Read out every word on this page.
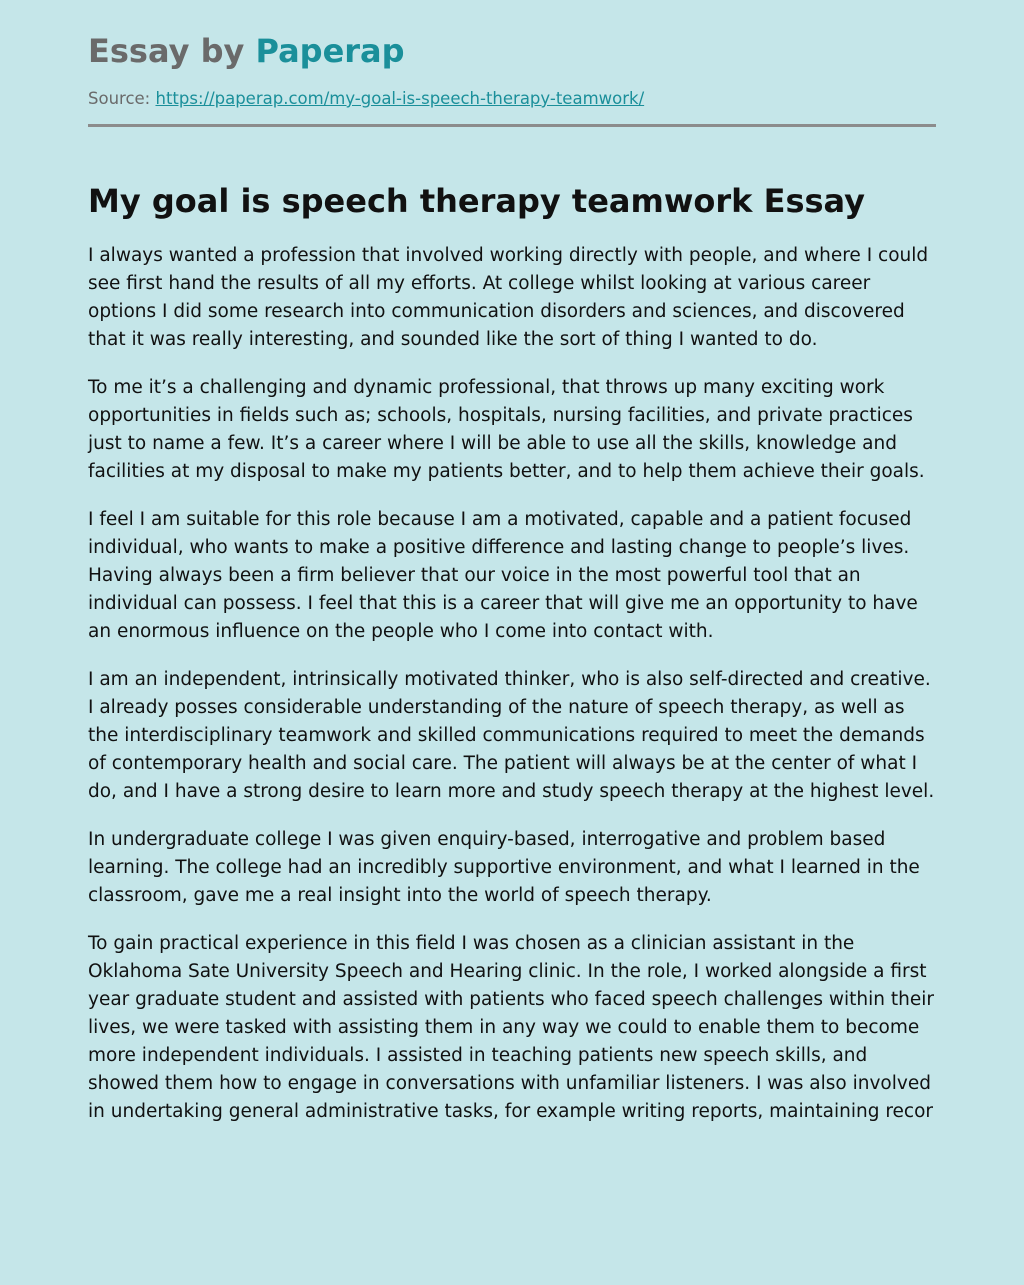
Essay by Paperap
Source: https://paperap.com/my-goal-is-speech-therapy-teamwork/
My goal is speech therapy teamwork Essay

I always wanted a profession that involved working directly with people, and where I could see first hand the results of all my efforts. At college whilst looking at various career options I did some research into communication disorders and sciences, and discovered that it was really interesting, and sounded like the sort of thing I wanted to do.

To me it’s a challenging and dynamic professional, that throws up many exciting work opportunities in fields such as; schools, hospitals, nursing facilities, and private practices just to name a few. It’s a career where I will be able to use all the skills, knowledge and facilities at my disposal to make my patients better, and to help them achieve their goals.

I feel I am suitable for this role because I am a motivated, capable and a patient focused individual, who wants to make a positive difference and lasting change to people’s lives. Having always been a firm believer that our voice in the most powerful tool that an individual can possess. I feel that this is a career that will give me an opportunity to have an enormous influence on the people who I come into contact with.

I am an independent, intrinsically motivated thinker, who is also self-directed and creative. I already posses considerable understanding of the nature of speech therapy, as well as the interdisciplinary teamwork and skilled communications required to meet the demands of contemporary health and social care. The patient will always be at the center of what I do, and I have a strong desire to learn more and study speech therapy at the highest level.

In undergraduate college I was given enquiry-based, interrogative and problem based learning. The college had an incredibly supportive environment, and what I learned in the classroom, gave me a real insight into the world of speech therapy.

To gain practical experience in this field I was chosen as a clinician assistant in the Oklahoma Sate University Speech and Hearing clinic. In the role, I worked alongside a first year graduate student and assisted with patients who faced speech challenges within their lives, we were tasked with assisting them in any way we could to enable them to become more independent individuals. I assisted in teaching patients new speech skills, and showed them how to engage in conversations with unfamiliar listeners. I was also involved in undertaking general administrative tasks, for example writing reports, maintaining recor
